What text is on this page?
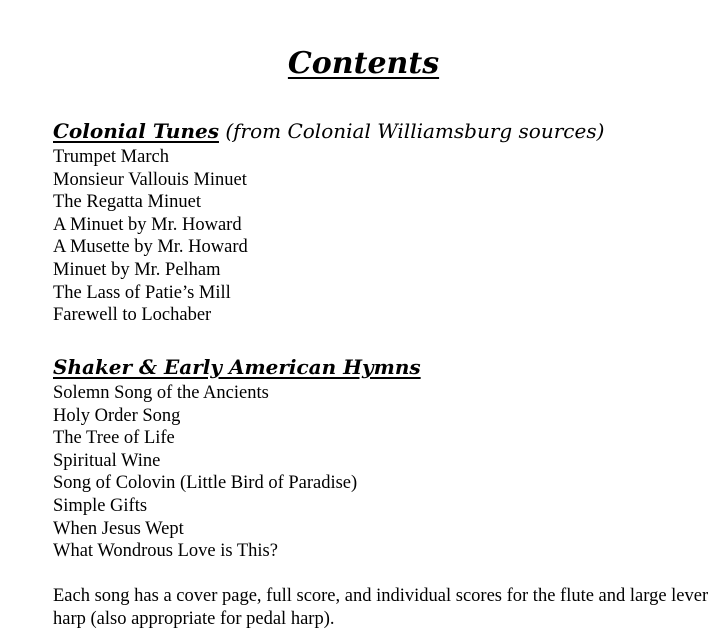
Contents
Colonial Tunes (from Colonial Williamsburg sources)
Trumpet March
Monsieur Vallouis Minuet
The Regatta Minuet
A Minuet by Mr. Howard
A Musette by Mr. Howard
Minuet by Mr. Pelham
The Lass of Patie’s Mill
Farewell to Lochaber
Shaker & Early American Hymns
Solemn Song of the Ancients
Holy Order Song
The Tree of Life
Spiritual Wine
Song of Colovin (Little Bird of Paradise)
Simple Gifts
When Jesus Wept
What Wondrous Love is This?

Each song has a cover page, full score, and individual scores for the flute and large lever harp (also appropriate for pedal harp).
